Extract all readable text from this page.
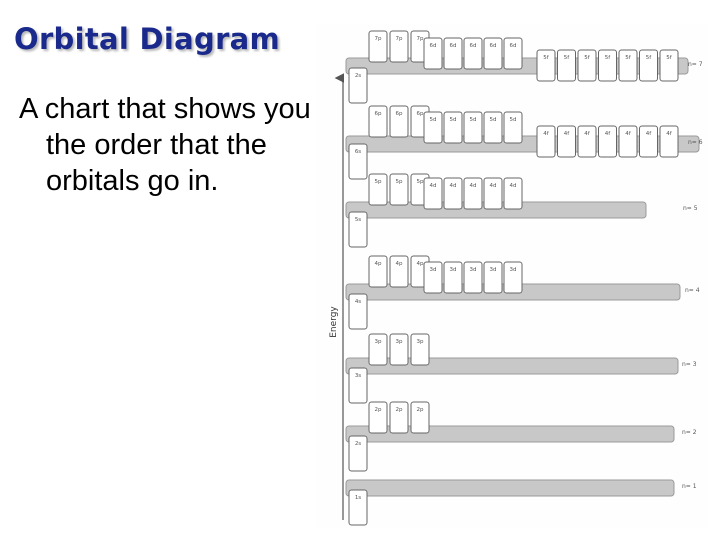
Orbital Diagram

A chart that shows you the order that the orbitals go in.

Energy
n= 7
2s
7p	7p	7p
6d 6d 6d 6d 6d
5f	5f	5f	5f	5f	5f	5f
n= 6
6s
6p	6p	6p
5d 5d 5d 5d 5d
4f	4f	4f	4f	4f	4f	4f
n= 5
5s
5p	5p	5p
4d 4d 4d 4d 4d
n= 4
4s
4p	4p	4p
3d 3d 3d 3d 3d
n= 3
3s
3p	3p	3p
n= 2
2s
2p	2p	2p
n= 1
1s
